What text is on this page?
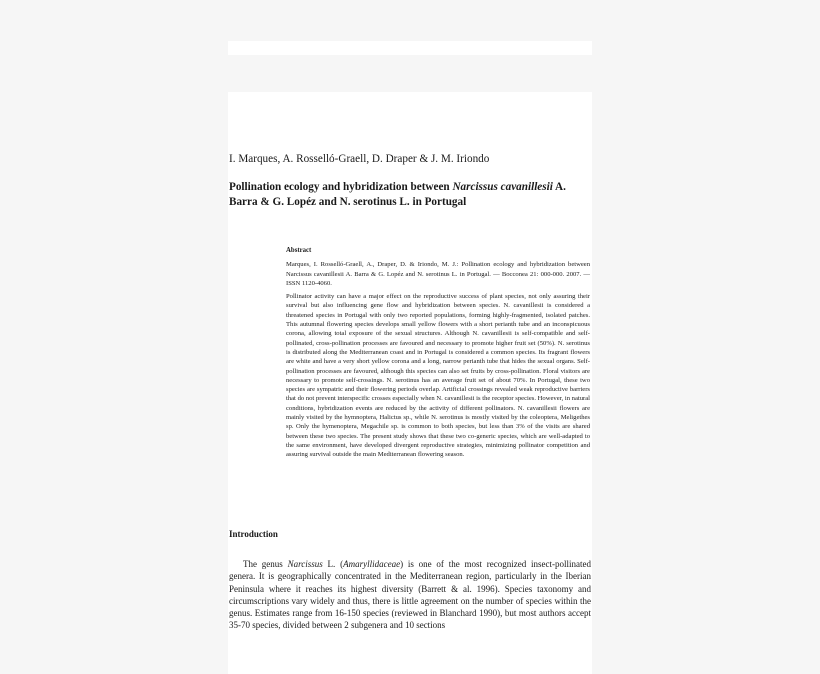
I. Marques, A. Rosselló-Graell, D. Draper & J. M. Iriondo
Pollination ecology and hybridization between Narcissus cavanillesii A. Barra & G. Lopéz and N. serotinus L. in Portugal
Abstract

Marques, I. Rosselló-Graell, A., Draper, D. & Iriondo, M. J.: Pollination ecology and hybridization between Narcissus cavanillesii A. Barra & G. Lopéz and N. serotinus L. in Portugal. — Bocconea 21: 000-000. 2007. — ISSN 1120-4060.

Pollinator activity can have a major effect on the reproductive success of plant species, not only assuring their survival but also influencing gene flow and hybridization between species. N. cavanillesii is considered a threatened species in Portugal with only two reported populations, forming highly-fragmented, isolated patches. This autumnal flowering species develops small yellow flowers with a short perianth tube and an inconspicuous corona, allowing total exposure of the sexual structures. Although N. cavanillesii is self-compatible and self-pollinated, cross-pollination processes are favoured and necessary to promote higher fruit set (50%). N. serotinus is distributed along the Mediterranean coast and in Portugal is considered a common species. Its fragrant flowers are white and have a very short yellow corona and a long, narrow perianth tube that hides the sexual organs. Self-pollination processes are favoured, although this species can also set fruits by cross-pollination. Floral visitors are necessary to promote self-crossings. N. serotinus has an average fruit set of about 70%. In Portugal, these two species are sympatric and their flowering periods overlap. Artificial crossings revealed weak reproductive barriers that do not prevent interspecific crosses especially when N. cavanillesii is the receptor species. However, in natural conditions, hybridization events are reduced by the activity of different pollinators. N. cavanillesii flowers are mainly visited by the hymnoptera, Halictus sp., while N. serotinus is mostly visited by the coleoptera, Meligethes sp. Only the hymenoptera, Megachile sp. is common to both species, but less than 3% of the visits are shared between these two species. The present study shows that these two co-generic species, which are well-adapted to the same environment, have developed divergent reproductive strategies, minimizing pollinator competition and assuring survival outside the main Mediterranean flowering season.

Introduction

The genus Narcissus L. (Amaryllidaceae) is one of the most recognized insect-pollinated genera. It is geographically concentrated in the Mediterranean region, particularly in the Iberian Peninsula where it reaches its highest diversity (Barrett & al. 1996). Species taxonomy and circumscriptions vary widely and thus, there is little agreement on the number of species within the genus. Estimates range from 16-150 species (reviewed in Blanchard 1990), but most authors accept 35-70 species, divided between 2 subgenera and 10 sections
